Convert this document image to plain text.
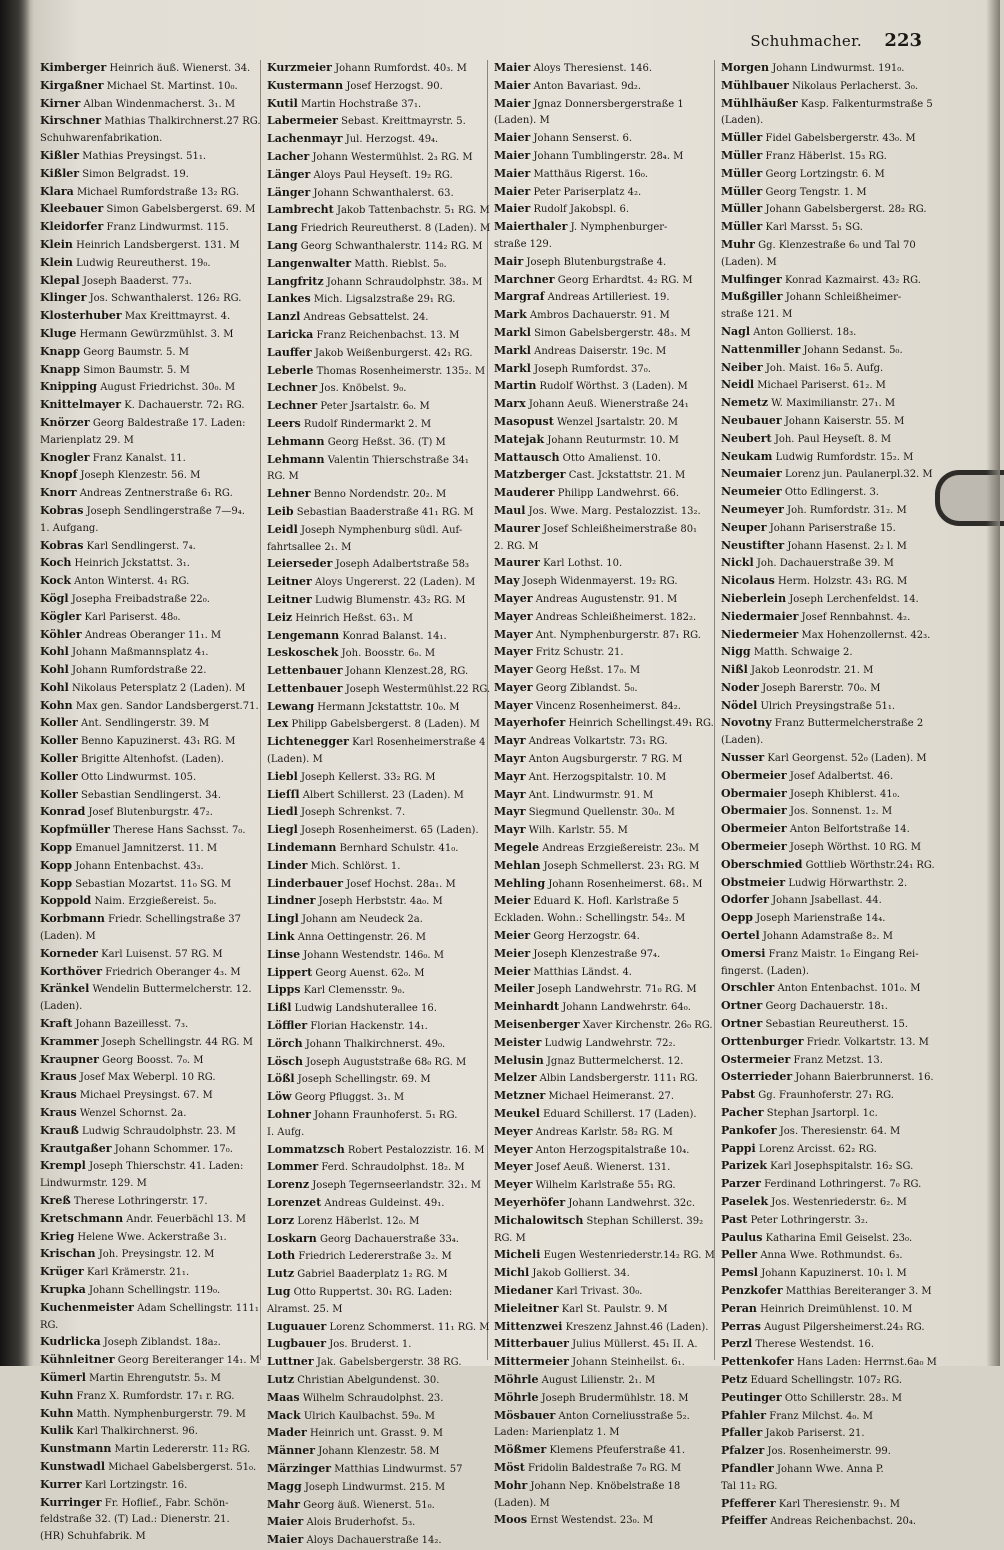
Schuhmacher. 223
Kimberger Heinrich äuß. Wienerst. 34.
Kirgaßner Michael St. Martinst. 10₀.
Kirner Alban Windenmacherst. 3₁. M
Kirschner Mathias Thalkirchnerst.27 RG.
Schuhwarenfabrikation.
Kißler Mathias Preysingst. 51₁.
Kißler Simon Belgradst. 19.
Klara Michael Rumfordstraße 13₂ RG.
Kleebauer Simon Gabelsbergerst. 69. M
Kleidorfer Franz Lindwurmst. 115.
Klein Heinrich Landsbergerst. 131. M
Klein Ludwig Reureutherst. 19₀.
Klepal Joseph Baaderst. 77₃.
Klinger Jos. Schwanthalerst. 126₂ RG.
Klosterhuber Max Kreittmayrst. 4.
Kluge Hermann Gewürzmühlst. 3. M
Knapp Georg Baumstr. 5. M
Knapp Simon Baumstr. 5. M
Knipping August Friedrichst. 30₀. M
Knittelmayer K. Dachauerstr. 72₁ RG.
Knörzer Georg Baldestraße 17. Laden:
Marienplatz 29. M
Knogler Franz Kanalst. 11.
Knopf Joseph Klenzestr. 56. M
Knorr Andreas Zentnerstraße 6₁ RG.
Kobras Joseph Sendlingerstraße 7—9₄.
1. Aufgang.
Kobras Karl Sendlingerst. 7₄.
Koch Heinrich Jckstattst. 3₁.
Kock Anton Winterst. 4₁ RG.
Kögl Josepha Freibadstraße 22₀.
Kögler Karl Pariserst. 48₀.
Köhler Andreas Oberanger 11₁. M
Kohl Johann Maßmannsplatz 4₁.
Kohl Johann Rumfordstraße 22.
Kohl Nikolaus Petersplatz 2 (Laden). M
Kohn Max gen. Sandor Landsbergerst.71.
Koller Ant. Sendlingerstr. 39. M
Koller Benno Kapuzinerst. 43₁ RG. M
Koller Brigitte Altenhofst. (Laden).
Koller Otto Lindwurmst. 105.
Koller Sebastian Sendlingerst. 34.
Konrad Josef Blutenburgstr. 47₂.
Kopfmüller Therese Hans Sachsst. 7₀.
Kopp Emanuel Jamnitzerst. 11. M
Kopp Johann Entenbachst. 43₃.
Kopp Sebastian Mozartst. 11₀ SG. M
Koppold Naim. Erzgießereist. 5₀.
Korbmann Friedr. Schellingstraße 37
(Laden). M
Korneder Karl Luisenst. 57 RG. M
Korthöver Friedrich Oberanger 4₃. M
Kränkel Wendelin Buttermelcherstr. 12.
(Laden).
Kraft Johann Bazeillesst. 7₃.
Krammer Joseph Schellingstr. 44 RG. M
Kraupner Georg Boosst. 7₀. M
Kraus Josef Max Weberpl. 10 RG.
Kraus Michael Preysingst. 67. M
Kraus Wenzel Schornst. 2a.
Krauß Ludwig Schraudolphstr. 23. M
Krautgaßer Johann Schommer. 17₀.
Krempl Joseph Thierschstr. 41. Laden:
Lindwurmstr. 129. M
Kreß Therese Lothringerstr. 17.
Kretschmann Andr. Feuerbächl 13. M
Krieg Helene Wwe. Ackerstraße 3₁.
Krischan Joh. Preysingstr. 12. M
Krüger Karl Krämerstr. 21₁.
Krupka Johann Schellingstr. 119₀.
Kuchenmeister Adam Schellingstr. 111₁
RG.
Kudrlicka Joseph Ziblandst. 18a₂.
Kühnleitner Georg Bereiteranger 14₁. M
Kümerl Martin Ehrengutstr. 5₃. M
Kuhn Franz X. Rumfordstr. 17₁ r. RG.
Kuhn Matth. Nymphenburgerstr. 79. M
Kulik Karl Thalkirchnerst. 96.
Kunstmann Martin Ledererstr. 11₂ RG.
Kunstwadl Michael Gabelsbergerst. 51₀.
Kurrer Karl Lortzingstr. 16.
Kurringer Fr. Hoflief., Fabr. Schön-
feldstraße 32. (T) Lad.: Dienerstr. 21.
(HR) Schuhfabrik. M
Kurzmeier Johann Rumfordst. 40₃. M
Kustermann Josef Herzogst. 90.
Kutil Martin Hochstraße 37₁.
Labermeier Sebast. Kreittmayrstr. 5.
Lachenmayr Jul. Herzogst. 49₄.
Lacher Johann Westermühlst. 2₃ RG. M
Länger Aloys Paul Heyseſt. 19₂ RG.
Länger Johann Schwanthalerst. 63.
Lambrecht Jakob Tattenbachstr. 5₁ RG. M
Lang Friedrich Reureutherst. 8 (Laden). M
Lang Georg Schwanthalerstr. 114₂ RG. M
Langenwalter Matth. Rieblst. 5₀.
Langfritz Johann Schraudolphstr. 38₃. M
Lankes Mich. Ligsalzstraße 29₁ RG.
Lanzl Andreas Gebsattelst. 24.
Laricka Franz Reichenbachst. 13. M
Lauffer Jakob Weißenburgerst. 42₁ RG.
Leberle Thomas Rosenheimerstr. 135₂. M
Lechner Jos. Knöbelst. 9₀.
Lechner Peter Jsartalstr. 6₀. M
Leers Rudolf Rindermarkt 2. M
Lehmann Georg Heßst. 36. (T) M
Lehmann Valentin Thierschstraße 34₁
RG. M
Lehner Benno Nordendstr. 20₂. M
Leib Sebastian Baaderstraße 41₁ RG. M
Leidl Joseph Nymphenburg südl. Auf-
fahrtsallee 2₁. M
Leierseder Joseph Adalbertstraße 58₃
Leitner Aloys Ungererst. 22 (Laden). M
Leitner Ludwig Blumenstr. 43₂ RG. M
Leiz Heinrich Heßst. 63₁. M
Lengemann Konrad Balanst. 14₁.
Leskoschek Joh. Boosstr. 6₀. M
Lettenbauer Johann Klenzest.28, RG.
Lettenbauer Joseph Westermühlst.22 RG.
Lewang Hermann Jckstattstr. 10₀. M
Lex Philipp Gabelsbergerst. 8 (Laden). M
Lichtenegger Karl Rosenheimerstraße 4
(Laden). M
Liebl Joseph Kellerst. 33₂ RG. M
Lieſſl Albert Schillerst. 23 (Laden). M
Liedl Joseph Schrenkst. 7.
Liegl Joseph Rosenheimerst. 65 (Laden).
Lindemann Bernhard Schulstr. 41₀.
Linder Mich. Schlörst. 1.
Linderbauer Josef Hochst. 28a₁. M
Lindner Joseph Herbststr. 4a₀. M
Lingl Johann am Neudeck 2a.
Link Anna Oettingenstr. 26. M
Linse Johann Westendstr. 146₀. M
Lippert Georg Auenst. 62₀. M
Lipps Karl Clemensstr. 9₀.
Lißl Ludwig Landshuterallee 16.
Löffler Florian Hackenstr. 14₁.
Lörch Johann Thalkirchnerst. 49₀.
Lösch Joseph Auguststraße 68₀ RG. M
Lößl Joseph Schellingstr. 69. M
Löw Georg Pfluggst. 3₁. M
Lohner Johann Fraunhoferst. 5₁ RG.
I. Aufg.
Lommatzsch Robert Pestalozzistr. 16. M
Lommer Ferd. Schraudolphst. 18₂. M
Lorenz Joseph Tegernseerlandstr. 32₁. M
Lorenzet Andreas Guldeinst. 49₁.
Lorz Lorenz Häberlst. 12₀. M
Loskarn Georg Dachauerstraße 33₄.
Loth Friedrich Ledererstraße 3₂. M
Lutz Gabriel Baaderplatz 1₂ RG. M
Lug Otto Ruppertst. 30₁ RG. Laden:
Alramst. 25. M
Luguauer Lorenz Schommerst. 11₁ RG. M
Lugbauer Jos. Bruderst. 1.
Luttner Jak. Gabelsbergerstr. 38 RG.
Lutz Christian Abelgundenst. 30.
Maas Wilhelm Schraudolphst. 23.
Mack Ulrich Kaulbachst. 59₀. M
Mader Heinrich unt. Grasst. 9. M
Männer Johann Klenzestr. 58. M
Märzinger Matthias Lindwurmst. 57
Magg Joseph Lindwurmst. 215. M
Mahr Georg äuß. Wienerst. 51₀.
Maier Alois Bruderhofst. 5₃.
Maier Aloys Dachauerstraße 14₂.
Maier Aloys Theresienst. 146.
Maier Anton Bavariast. 9d₂.
Maier Jgnaz Donnersbergerstraße 1
(Laden). M
Maier Johann Senserst. 6.
Maier Johann Tumblingerstr. 28₄. M
Maier Matthäus Rigerst. 16₀.
Maier Peter Pariserplatz 4₂.
Maier Rudolf Jakobspl. 6.
Maierthaler J. Nymphenburger-
straße 129.
Mair Joseph Blutenburgstraße 4.
Marchner Georg Erhardtst. 4₂ RG. M
Margraf Andreas Artilleriest. 19.
Mark Ambros Dachauerstr. 91. M
Markl Simon Gabelsbergerstr. 48₃. M
Markl Andreas Daiserstr. 19c. M
Markl Joseph Rumfordst. 37₀.
Martin Rudolf Wörthst. 3 (Laden). M
Marx Johann Aeuß. Wienerstraße 24₁
Masopust Wenzel Jsartalstr. 20. M
Matejak Johann Reuturmstr. 10. M
Mattausch Otto Amalienst. 10.
Matzberger Cast. Jckstattstr. 21. M
Mauderer Philipp Landwehrst. 66.
Maul Jos. Wwe. Marg. Pestalozzist. 13₂.
Maurer Josef Schleißheimerstraße 80₁
2. RG. M
Maurer Karl Lothst. 10.
May Joseph Widenmayerst. 19₂ RG.
Mayer Andreas Augustenstr. 91. M
Mayer Andreas Schleißheimerst. 182₂.
Mayer Ant. Nymphenburgerstr. 87₁ RG.
Mayer Fritz Schustr. 21.
Mayer Georg Heßst. 17₀. M
Mayer Georg Ziblandst. 5₀.
Mayer Vincenz Rosenheimerst. 84₂.
Mayerhofer Heinrich Schellingst.49₁ RG.
Mayr Andreas Volkartstr. 73₁ RG.
Mayr Anton Augsburgerstr. 7 RG. M
Mayr Ant. Herzogspitalstr. 10. M
Mayr Ant. Lindwurmstr. 91. M
Mayr Siegmund Quellenstr. 30₀. M
Mayr Wilh. Karlstr. 55. M
Megele Andreas Erzgießereistr. 23₀. M
Mehlan Joseph Schmellerst. 23₁ RG. M
Mehling Johann Rosenheimerst. 68₁. M
Meier Eduard K. Hofl. Karlstraße 5
Eckladen. Wohn.: Schellingstr. 54₂. M
Meier Georg Herzogstr. 64.
Meier Joseph Klenzestraße 97₄.
Meier Matthias Ländst. 4.
Meiler Joseph Landwehrstr. 71₀ RG. M
Meinhardt Johann Landwehrstr. 64₀.
Meisenberger Xaver Kirchenstr. 26₀ RG.
Meister Ludwig Landwehrstr. 72₂.
Melusin Jgnaz Buttermelcherst. 12.
Melzer Albin Landsbergerstr. 111₁ RG.
Metzner Michael Heimeranst. 27.
Meukel Eduard Schillerst. 17 (Laden).
Meyer Andreas Karlstr. 58₂ RG. M
Meyer Anton Herzogspitalstraße 10₄.
Meyer Josef Aeuß. Wienerst. 131.
Meyer Wilhelm Karlstraße 55₁ RG.
Meyerhöfer Johann Landwehrst. 32c.
Michalowitsch Stephan Schillerst. 39₂
RG. M
Micheli Eugen Westenriederstr.14₂ RG. M
Michl Jakob Gollierst. 34.
Miedaner Karl Trivast. 30₀.
Mieleitner Karl St. Paulstr. 9. M
Mittenzwei Kreszenz Jahnst.46 (Laden).
Mitterbauer Julius Müllerst. 45₁ II. A.
Mittermeier Johann Steinheilst. 6₁.
Möhrle August Lilienstr. 2₁. M
Möhrle Joseph Brudermühlstr. 18. M
Mösbauer Anton Corneliusstraße 5₂.
Laden: Marienplatz 1. M
Mößmer Klemens Pfeuferstraße 41.
Möst Fridolin Baldestraße 7₀ RG. M
Mohr Johann Nep. Knöbelstraße 18
(Laden). M
Moos Ernst Westendst. 23₀. M
Morgen Johann Lindwurmst. 191₀.
Mühlbauer Nikolaus Perlacherst. 3₀.
Mühlhäußer Kasp. Falkenturmstraße 5
(Laden).
Müller Fidel Gabelsbergerstr. 43₀. M
Müller Franz Häberlst. 15₃ RG.
Müller Georg Lortzingstr. 6. M
Müller Georg Tengstr. 1. M
Müller Johann Gabelsbergerst. 28₂ RG.
Müller Karl Marsst. 5₁ SG.
Muhr Gg. Klenzestraße 6₀ und Tal 70
(Laden). M
Mulfinger Konrad Kazmairst. 43₂ RG.
Mußgiller Johann Schleißheimer-
straße 121. M
Nagl Anton Gollierst. 18₃.
Nattenmiller Johann Sedanst. 5₀.
Neiber Joh. Maist. 16₀ 5. Aufg.
Neidl Michael Pariserst. 61₂. M
Nemetz W. Maximilianstr. 27₁. M
Neubauer Johann Kaiserstr. 55. M
Neubert Joh. Paul Heyseſt. 8. M
Neukam Ludwig Rumfordstr. 15₂. M
Neumaier Lorenz jun. Paulanerpl.32. M
Neumeier Otto Edlingerst. 3.
Neumeyer Joh. Rumfordstr. 31₂. M
Neuper Johann Pariserstraße 15.
Neustifter Johann Hasenst. 2₂ l. M
Nickl Joh. Dachauerstraße 39. M
Nicolaus Herm. Holzstr. 43₁ RG. M
Nieberlein Joseph Lerchenfeldst. 14.
Niedermaier Josef Rennbahnst. 4₂.
Niedermeier Max Hohenzollernst. 42₃.
Nigg Matth. Schwaige 2.
Nißl Jakob Leonrodstr. 21. M
Noder Joseph Barerstr. 70₀. M
Nödel Ulrich Preysingstraße 51₁.
Novotny Franz Buttermelcherstraße 2
(Laden).
Nusser Karl Georgenst. 52₀ (Laden). M
Obermeier Josef Adalbertst. 46.
Obermaier Joseph Khiblerst. 41₀.
Obermaier Jos. Sonnenst. 1₂. M
Obermeier Anton Belfortstraße 14.
Obermeier Joseph Wörthst. 10 RG. M
Oberschmied Gottlieb Wörthstr.24₁ RG.
Obstmeier Ludwig Hörwarthstr. 2.
Odorfer Johann Jsabellast. 44.
Oepp Joseph Marienstraße 14₄.
Oertel Johann Adamstraße 8₂. M
Omersi Franz Maistr. 1₀ Eingang Rei-
fingerst. (Laden).
Orschler Anton Entenbachst. 101₀. M
Ortner Georg Dachauerstr. 18₁.
Ortner Sebastian Reureutherst. 15.
Orttenburger Friedr. Volkartstr. 13. M
Ostermeier Franz Metzst. 13.
Osterrieder Johann Baierbrunnerst. 16.
Pabst Gg. Fraunhoferstr. 27₁ RG.
Pacher Stephan Jsartorpl. 1c.
Pankofer Jos. Theresienstr. 64. M
Pappi Lorenz Arcisst. 62₂ RG.
Parizek Karl Josephspitalstr. 16₂ SG.
Parzer Ferdinand Lothringerst. 7₀ RG.
Paselek Jos. Westenriederstr. 6₂. M
Past Peter Lothringerstr. 3₂.
Paulus Katharina Emil Geiselst. 23₀.
Peller Anna Wwe. Rothmundst. 6₃.
Pemsl Johann Kapuzinerst. 10₁ l. M
Penzkofer Matthias Bereiteranger 3. M
Peran Heinrich Dreimühlenst. 10. M
Perras August Pilgersheimerst.24₃ RG.
Perzl Therese Westendst. 16.
Pettenkofer Hans Laden: Herrnst.6a₀ M
Petz Eduard Schellingstr. 107₂ RG.
Peutinger Otto Schillerstr. 28₃. M
Pfahler Franz Milchst. 4₀. M
Pfaller Jakob Pariserst. 21.
Pfalzer Jos. Rosenheimerstr. 99.
Pfandler Johann Wwe. Anna P.
Tal 11₂ RG.
Pfefferer Karl Theresienstr. 9₁. M
Pfeiffer Andreas Reichenbachst. 20₄.
